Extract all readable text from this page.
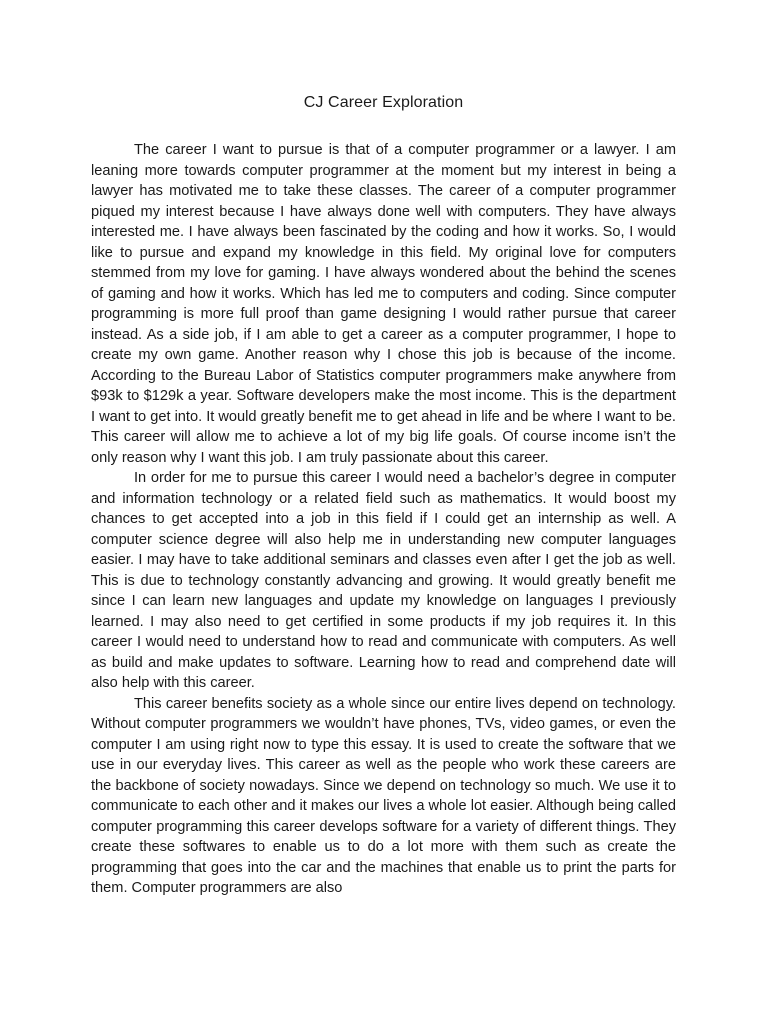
CJ Career Exploration

The career I want to pursue is that of a computer programmer or a lawyer. I am leaning more towards computer programmer at the moment but my interest in being a lawyer has motivated me to take these classes. The career of a computer programmer piqued my interest because I have always done well with computers. They have always interested me. I have always been fascinated by the coding and how it works. So, I would like to pursue and expand my knowledge in this field. My original love for computers stemmed from my love for gaming. I have always wondered about the behind the scenes of gaming and how it works. Which has led me to computers and coding. Since computer programming is more full proof than game designing I would rather pursue that career instead. As a side job, if I am able to get a career as a computer programmer, I hope to create my own game. Another reason why I chose this job is because of the income. According to the Bureau Labor of Statistics computer programmers make anywhere from $93k to $129k a year. Software developers make the most income. This is the department I want to get into. It would greatly benefit me to get ahead in life and be where I want to be. This career will allow me to achieve a lot of my big life goals. Of course income isn’t the only reason why I want this job. I am truly passionate about this career.

In order for me to pursue this career I would need a bachelor’s degree in computer and information technology or a related field such as mathematics. It would boost my chances to get accepted into a job in this field if I could get an internship as well. A computer science degree will also help me in understanding new computer languages easier. I may have to take additional seminars and classes even after I get the job as well. This is due to technology constantly advancing and growing. It would greatly benefit me since I can learn new languages and update my knowledge on languages I previously learned. I may also need to get certified in some products if my job requires it. In this career I would need to understand how to read and communicate with computers. As well as build and make updates to software. Learning how to read and comprehend date will also help with this career.

This career benefits society as a whole since our entire lives depend on technology. Without computer programmers we wouldn’t have phones, TVs, video games, or even the computer I am using right now to type this essay. It is used to create the software that we use in our everyday lives. This career as well as the people who work these careers are the backbone of society nowadays. Since we depend on technology so much. We use it to communicate to each other and it makes our lives a whole lot easier. Although being called computer programming this career develops software for a variety of different things. They create these softwares to enable us to do a lot more with them such as create the programming that goes into the car and the machines that enable us to print the parts for them. Computer programmers are also
